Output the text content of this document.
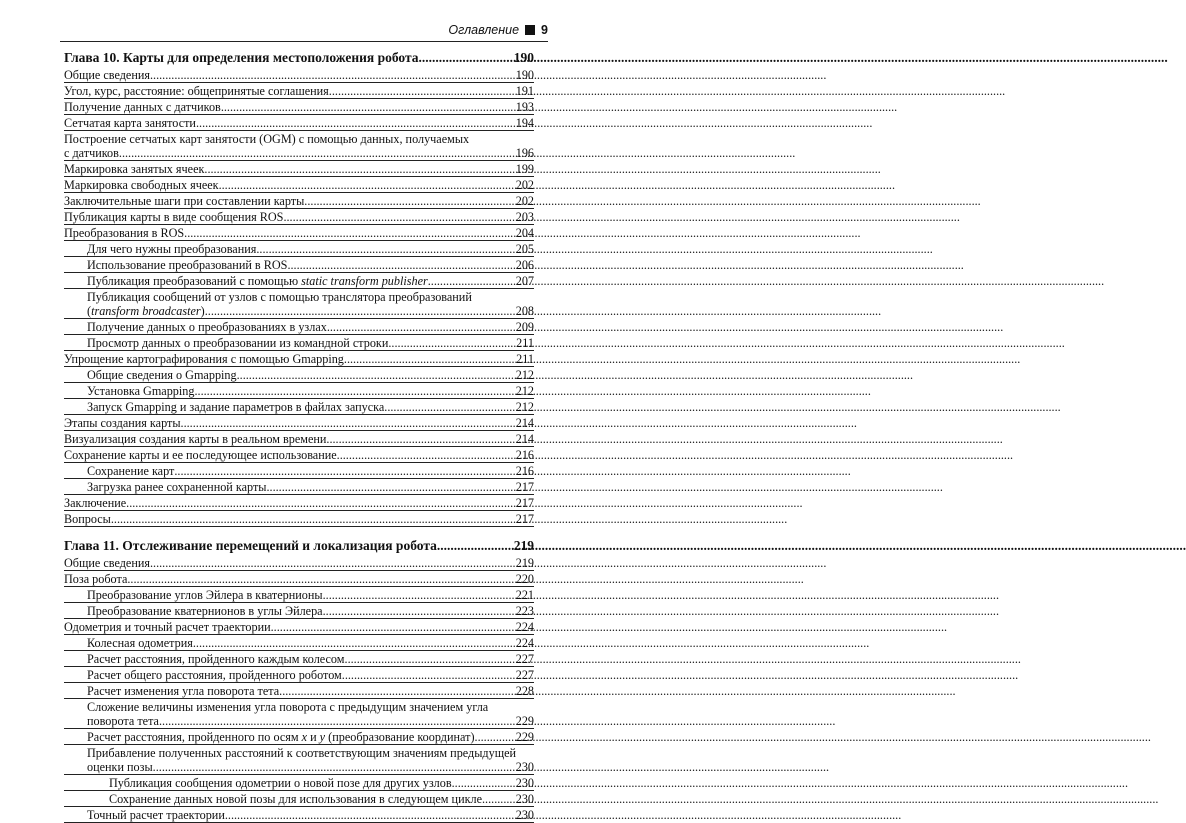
Оглавление 9
Глава 10. Карты для определения местоположения робота .....	190
Общие сведения .....	190
Угол, курс, расстояние: общепринятые соглашения .....	191
Получение данных с датчиков .....	193
Сетчатая карта занятости .....	194
Построение сетчатых карт занятости (OGM) с помощью данных, получаемых
с датчиков .....	196
Маркировка занятых ячеек .....	199
Маркировка свободных ячеек .....	202
Заключительные шаги при составлении карты .....	202
Публикация карты в виде сообщения ROS .....	203
Преобразования в ROS .....	204
Для чего нужны преобразования .....	205
Использование преобразований в ROS .....	206
Публикация преобразований с помощью static transform publisher .....	207
Публикация сообщений от узлов с помощью транслятора преобразований
(transform broadcaster) .....	208
Получение данных о преобразованиях в узлах .....	209
Просмотр данных о преобразовании из командной строки .....	211
Упрощение картографирования с помощью Gmapping .....	211
Общие сведения о Gmapping .....	212
Установка Gmapping .....	212
Запуск Gmapping и задание параметров в файлах запуска .....	212
Этапы создания карты .....	214
Визуализация создания карты в реальном времени .....	214
Сохранение карты и ее последующее использование .....	216
Сохранение карт .....	216
Загрузка ранее сохраненной карты .....	217
Заключение .....	217
Вопросы .....	217
Глава 11. Отслеживание перемещений и локализация робота .....	219
Общие сведения .....	219
Поза робота .....	220
Преобразование углов Эйлера в кватернионы .....	221
Преобразование кватернионов в углы Эйлера .....	223
Одометрия и точный расчет траектории .....	224
Колесная одометрия .....	224
Расчет расстояния, пройденного каждым колесом .....	227
Расчет общего расстояния, пройденного роботом .....	227
Расчет изменения угла поворота тета .....	228
Сложение величины изменения угла поворота с предыдущим значением угла
поворота тета .....	229
Расчет расстояния, пройденного по осям x и y (преобразование координат) .....	229
Прибавление полученных расстояний к соответствующим значениям предыдущей
оценки позы .....	230
Публикация сообщения одометрии о новой позе для других узлов .....	230
Сохранение данных новой позы для использования в следующем цикле .....	230
Точный расчет траектории .....	230
